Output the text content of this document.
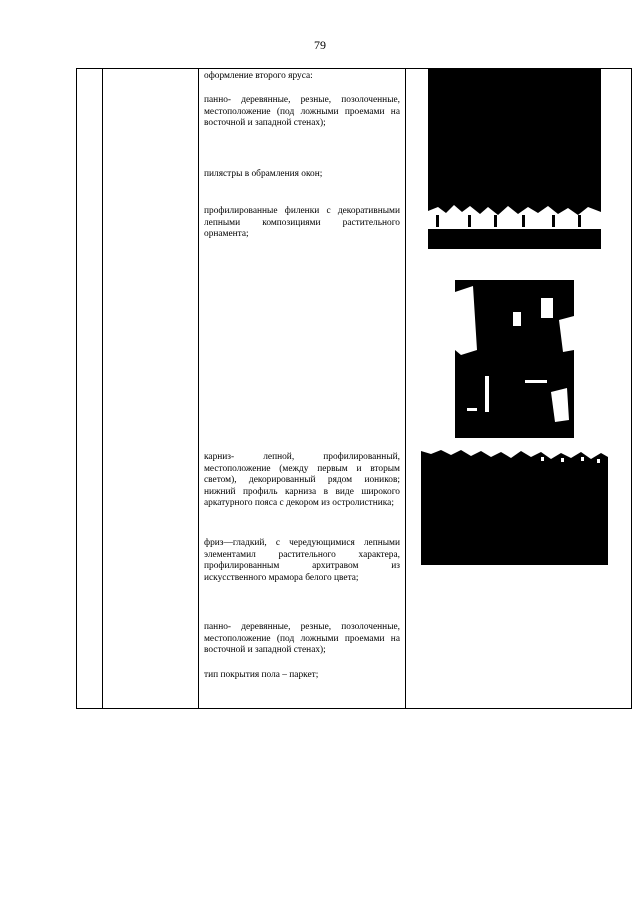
79

оформление второго яруса:

панно- деревянные, резные, позолоченные, местоположение (под ложными проемами на восточной и западной стенах);

пилястры в обрамления окон;

профилированные филенки с декоративными лепными композициями растительного орнамента;

карниз- лепной, профилированный, местоположение (между первым и вторым светом), декорированный рядом иоников; нижний профиль карниза в виде широкого аркатурного пояса с декором из остролистника;

фриз—гладкий, с чередующимися лепными элементамил растительного характера, профилированным архитравом из искусственного мрамора белого цвета;

панно- деревянные, резные, позолоченные, местоположение (под ложными проемами на восточной и западной стенах);

тип покрытия пола – паркет;
